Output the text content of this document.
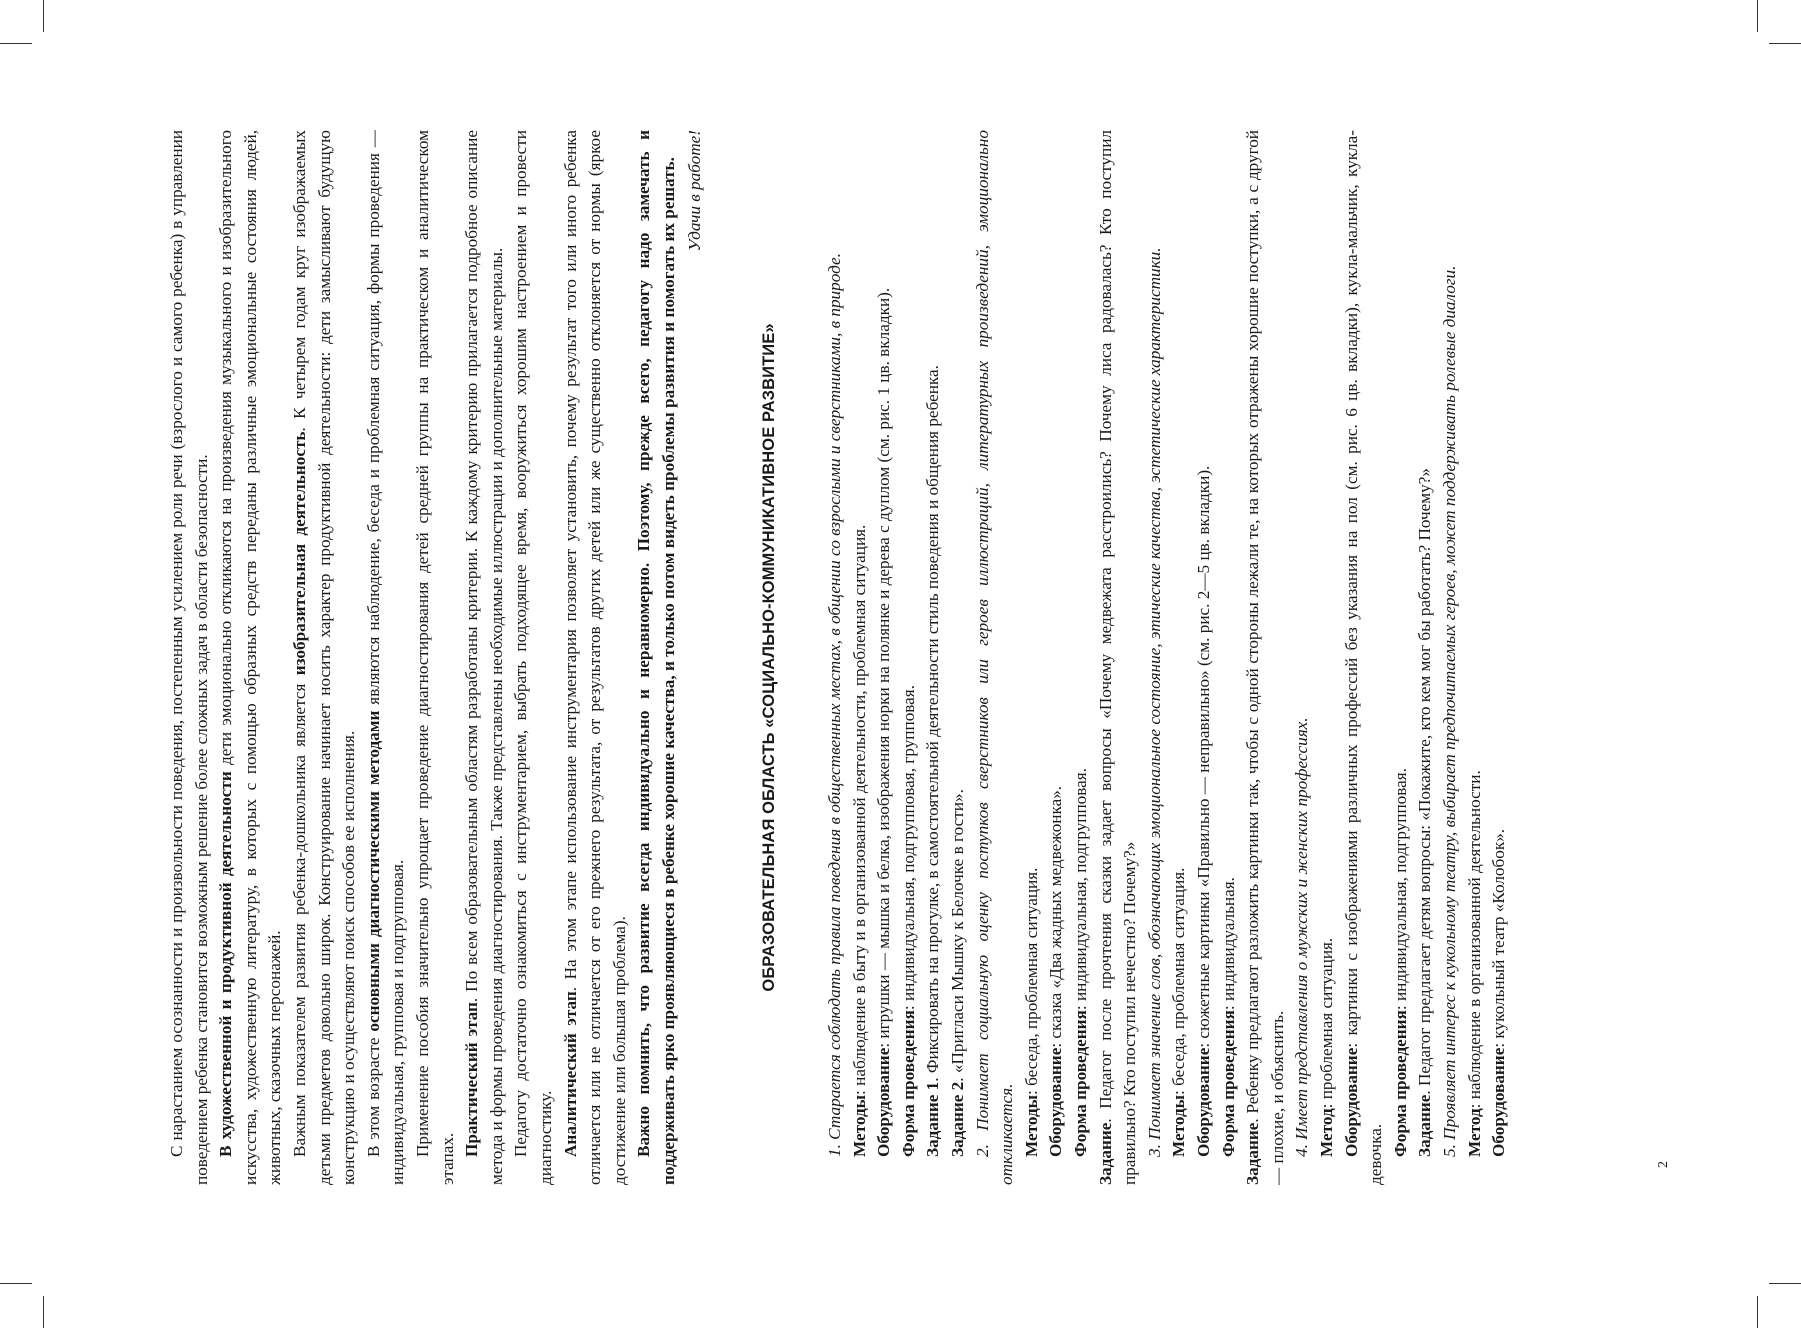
С нарастанием осознанности и произвольности поведения, постепенным усилением роли речи (взрослого и самого ребенка) в управлении поведением ребенка становится возможным решение более сложных задач в области безопасности. В художественной и продуктивной деятельности дети эмоционально откликаются на произведения музыкального и изобразительного искусства, художественную литературу, в которых с помощью образных средств переданы различные эмоциональные состояния людей, животных, сказочных персонажей. Важным показателем развития ребенка-дошкольника является изобразительная деятельность. К четырем годам круг изображаемых детьми предметов довольно широк. Конструирование начинает носить характер продуктивной деятельности: дети замысливают будущую конструкцию и осуществляют поиск способов ее исполнения. В этом возрасте основными диагностическими методами являются наблюдение, беседа и проблемная ситуация, формы проведения — индивидуальная, групповая и подгрупповая. Применение пособия значительно упрощает проведение диагностирования детей средней группы на практическом и аналитическом этапах.

Практический этап. По всем образовательным областям разработаны критерии. К каждому критерию прилагается подробное описание метода и формы проведения диагностирования. Также представлены необходимые иллюстрации и дополнительные материалы. Педагогу достаточно ознакомиться с инструментарием, выбрать подходящее время, вооружиться хорошим настроением и провести диагностику. Аналитический этап. На этом этапе использование инструментария позволяет установить, почему результат того или иного ребенка отличается или не отличается от его прежнего результата, от результатов других детей или же существенно отклоняется от нормы (яркое достижение или большая проблема). Важно помнить, что развитие всегда индивидуально и неравномерно. Поэтому, прежде всего, педагогу надо замечать и поддерживать ярко проявляющиеся в ребенке хорошие качества, и только потом видеть проблемы развития и помогать их решать. Удачи в работе!
ОБРАЗОВАТЕЛЬНАЯ ОБЛАСТЬ «СОЦИАЛЬНО-КОММУНИКАТИВНОЕ РАЗВИТИЕ»	1. Старается соблюдать правила поведения в общественных местах, в общении со взрослыми и сверстниками, в природе. Методы: наблюдение в быту и в организованной деятельности, проблемная ситуация.

Оборудование: игрушки — мышка и белка, изображения норки на полянке и дерева с дуплом (см. рис. 1 цв. вкладки).

Форма проведения: индивидуальная, подгрупповая, групповая.

Задание 1. Фиксировать на прогулке, в самостоятельной деятельности стиль поведения и общения ребенка.

Задание 2. «Пригласи Мышку к Белочке в гости». 2. Понимает социальную оценку поступков сверстников или героев иллюстраций, литературных произведений, эмоционально откликается. Методы: беседа, проблемная ситуация.

Оборудование: сказка «Два жадных медвежонка».

Форма проведения: индивидуальная, подгрупповая.

Задание. Педагог после прочтения сказки задает вопросы «Почему медвежата расстроились? Почему лиса радовалась? Кто поступил правильно? Кто поступил нечестно? Почему?» 3. Понимает значение слов, обозначающих эмоциональное состояние, этические качества, эстетические характеристики. Методы: беседа, проблемная ситуация.

Оборудование: сюжетные картинки «Правильно — неправильно» (см. рис. 2—5 цв. вкладки).

Форма проведения: индивидуальная.

Задание. Ребенку предлагают разложить картинки так, чтобы с одной стороны лежали те, на которых отражены хорошие поступки, а с другой — плохие, и объяснить. 4. Имеет представления о мужских и женских профессиях. Метод: проблемная ситуация. Оборудование: картинки с изображениями различных профессий без указания на пол (см. рис. 6 цв. вкладки), кукла-мальчик, кукла-девочка. Форма проведения: индивидуальная, подгрупповая.

Задание. Педагог предлагает детям вопросы: «Покажите, кто кем мог бы работать? Почему?» 5. Проявляет интерес к кукольному театру, выбирает предпочитаемых героев, может поддерживать ролевые диалоги. Метод: наблюдение в организованной деятельности. Оборудование: кукольный театр «Колобок».

2
